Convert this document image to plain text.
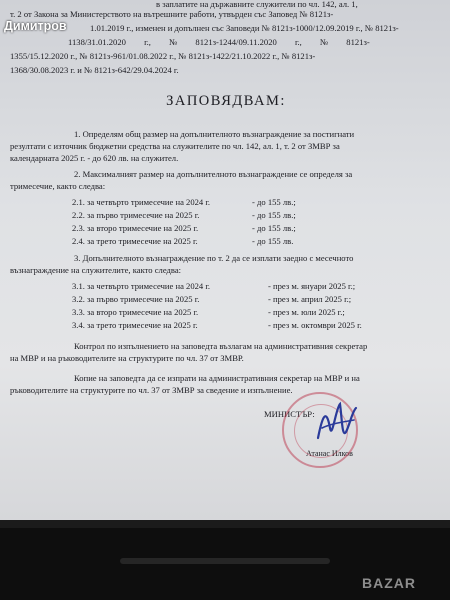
в заплатите на държавните служители по чл. 142, ал. 1,
т. 2 от Закона за Министерството на вътрешните работи, утвърден със Заповед № 8121з-
1.01.2019 г., изменен и допълнен със Заповеди № 8121з-1000/12.09.2019 г., № 8121з-
1138/31.01.2020 г., № 8121з-1244/09.11.2020 г., № 8121з-
1355/15.12.2020 г., № 8121з-961/01.08.2022 г., № 8121з-1422/21.10.2022 г., № 8121з-
1368/30.08.2023 г. и № 8121з-642/29.04.2024 г.
ЗАПОВЯДВАМ:
1. Определям общ размер на допълнителното възнаграждение за постигнати
резултати с източник бюджетни средства на служителите по чл. 142, ал. 1, т. 2 от ЗМВР за
календарната 2025 г. - до 620 лв. на служител.
2. Максималният размер на допълнителното възнаграждение се определя за
тримесечие, както следва:
2.1. за четвърто тримесечие на 2024 г.	- до 155 лв.;
2.2. за първо тримесечие на 2025 г.	- до 155 лв.;
2.3. за второ тримесечие на 2025 г.	- до 155 лв.;
2.4. за трето тримесечие на 2025 г.	- до 155 лв.
3. Допълнителното възнаграждение по т. 2 да се изплати заедно с месечното
възнаграждение на служителите, както следва:
3.1. за четвърто тримесечие на 2024 г.	- през м. януари 2025 г.;
3.2. за първо тримесечие на 2025 г.	- през м. април 2025 г.;
3.3. за второ тримесечие на 2025 г.	- през м. юли 2025 г.;
3.4. за трето тримесечие на 2025 г.	- през м. октомври 2025 г.
Контрол по изпълнението на заповедта възлагам на административния секретар
на МВР и на ръководителите на структурите по чл. 37 от ЗМВР.
Копие на заповедта да се изпрати на административния секретар на МВР и на
ръководителите на структурите по чл. 37 от ЗМВР за сведение и изпълнение.
МИНИСТЪР:
Атанас Илков
Димитров
BAZAR
